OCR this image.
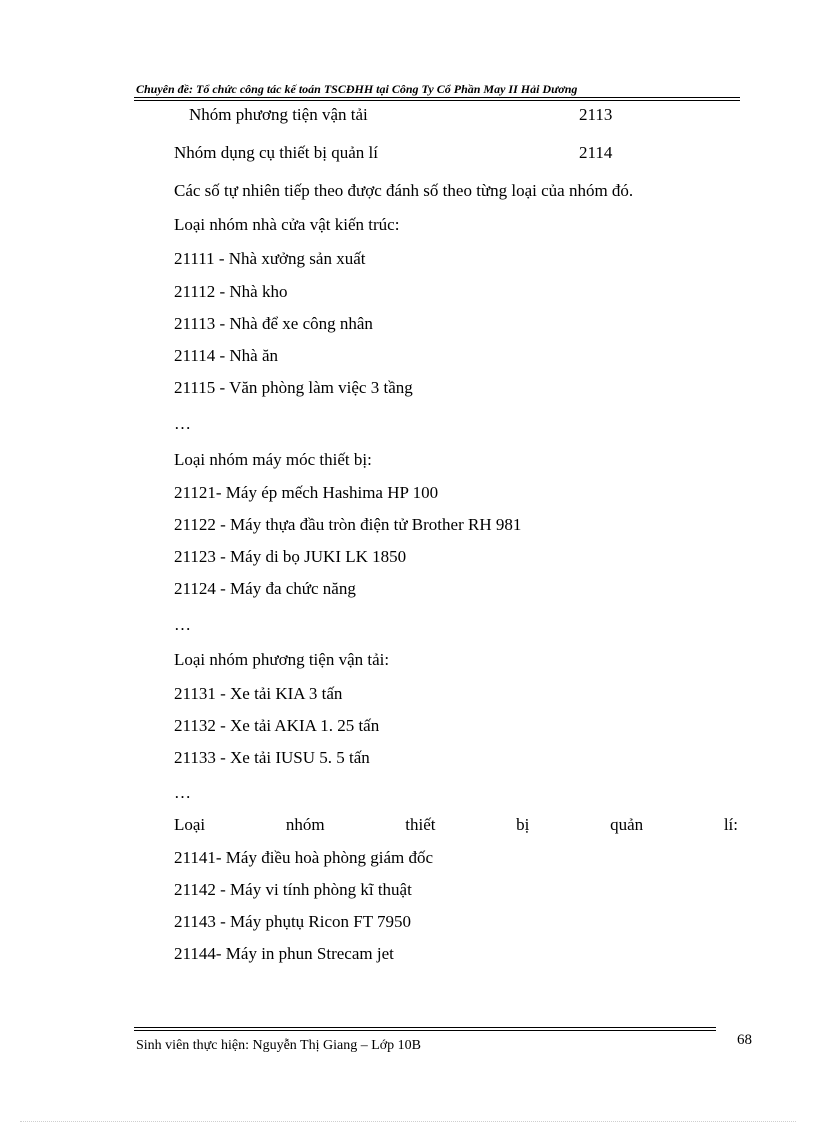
Chuyên đề: Tổ chức công tác kế toán TSCĐHH tại Công Ty Cổ Phần May II Hải Dương
Nhóm phương tiện vận tải	2113
Nhóm dụng cụ thiết bị quản lí	2114
Các số tự nhiên tiếp theo được đánh số theo từng loại của nhóm đó.
Loại nhóm nhà cửa vật kiến trúc:
21111 - Nhà xưởng sản xuất
21112 - Nhà kho
21113 - Nhà để xe công nhân
21114 - Nhà ăn
21115 - Văn phòng làm việc 3 tầng
…
Loại nhóm máy móc thiết bị:
21121- Máy ép mếch Hashima HP 100
21122 - Máy thựa đầu tròn điện tử Brother RH 981
21123 - Máy di bọ JUKI LK 1850
21124 - Máy đa chức năng
…
Loại nhóm phương tiện vận tải:
21131 - Xe tải KIA 3 tấn
21132 - Xe tải AKIA 1. 25 tấn
21133 - Xe tải IUSU 5. 5 tấn
…
Loại	nhóm	thiết	bị	quản	lí:
21141- Máy điều hoà phòng giám đốc
21142 - Máy vi tính phòng kĩ thuật
21143 - Máy phụtụ Ricon FT 7950
21144- Máy in phun Strecam jet
Sinh viên thực hiện: Nguyễn Thị Giang – Lớp 10B	68
